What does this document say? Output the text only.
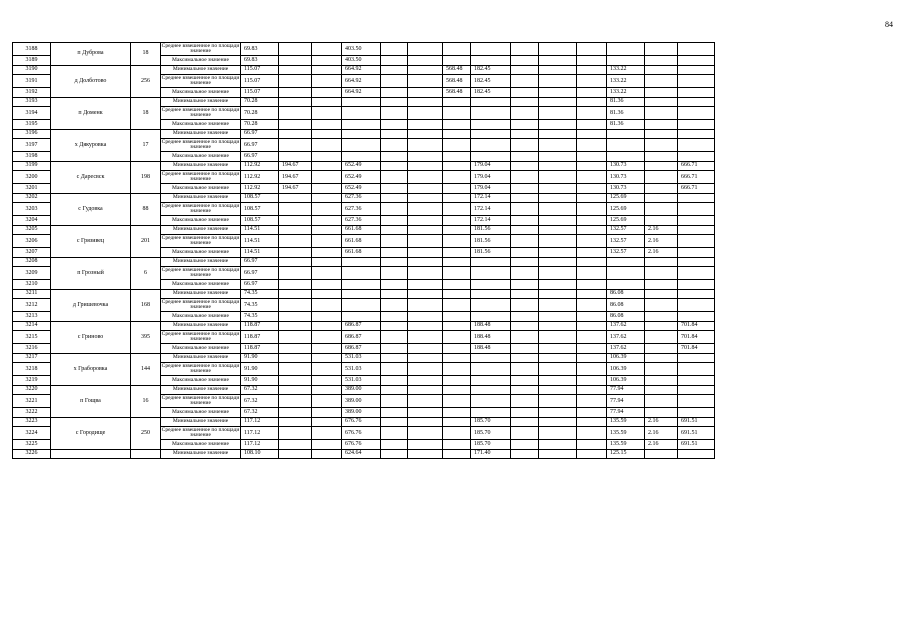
84
3188	п Дуброва	18	Среднее взвешенное по площади значение	69.83			403.50										
3189			Максимальное значение	69.83			403.50										
3190	д Долботово	256	Минимальное значение	115.07			664.92			568.48	182.45				133.22		
3191			Среднее взвешенное по площади значение	115.07			664.92			568.48	182.45				133.22		
3192			Максимальное значение	115.07			664.92			568.48	182.45				133.22		
3193	п Доменк	18	Минимальное значение	70.28											81.36		
3194			Среднее взвешенное по площади значение	70.28											81.36		
3195			Максимальное значение	70.28											81.36		
3196	х Дякуровка	17	Минимальное значение	66.97													
3197			Среднее взвешенное по площади значение	66.97													
3198			Максимальное значение	66.97													
3199	с Даресвск	198	Минимальное значение	112.92	194.67		652.49				179.04				130.73		666.71
3200			Среднее взвешенное по площади значение	112.92	194.67		652.49				179.04				130.73		666.71
3201			Максимальное значение	112.92	194.67		652.49				179.04				130.73		666.71
3202	с Гудовка	88	Минимальное значение	108.57			627.36				172.14				125.69		
3203			Среднее взвешенное по площади значение	108.57			627.36				172.14				125.69		
3204			Максимальное значение	108.57			627.36				172.14				125.69		
3205	с Грязивец	201	Минимальное значение	114.51			661.68				181.56				132.57	2.16	
3206			Среднее взвешенное по площади значение	114.51			661.68				181.56				132.57	2.16	
3207			Максимальное значение	114.51			661.68				181.56				132.57	2.16	
3208	п Грозный	6	Минимальное значение	66.97													
3209			Среднее взвешенное по площади значение	66.97													
3210			Максимальное значение	66.97													
3211	д Гришевочка	168	Минимальное значение	74.35											86.08		
3212			Среднее взвешенное по площади значение	74.35											86.08		
3213			Максимальное значение	74.35											86.08		
3214	с Гриново	395	Минимальное значение	118.87			686.87				188.48				137.62		701.84
3215			Среднее взвешенное по площади значение	118.87			686.87				188.48				137.62		701.84
3216			Максимальное значение	118.87			686.87				188.48				137.62		701.84
3217	х Граборовка	144	Минимальное значение	91.90			531.03								106.39		
3218			Среднее взвешенное по площади значение	91.90			531.03								106.39		
3219			Максимальное значение	91.90			531.03								106.39		
3220	п Гощва	16	Минимальное значение	67.32			389.00								77.94		
3221			Среднее взвешенное по площади значение	67.32			389.00								77.94		
3222			Максимальное значение	67.32			389.00								77.94		
3223	с Городище	250	Минимальное значение	117.12			676.76				185.70				135.59	2.16	691.51
3224			Среднее взвешенное по площади значение	117.12			676.76				185.70				135.59	2.16	691.51
3225			Максимальное значение	117.12			676.76				185.70				135.59	2.16	691.51
3226			Минимальное значение	108.10			624.64				171.40				125.15		
